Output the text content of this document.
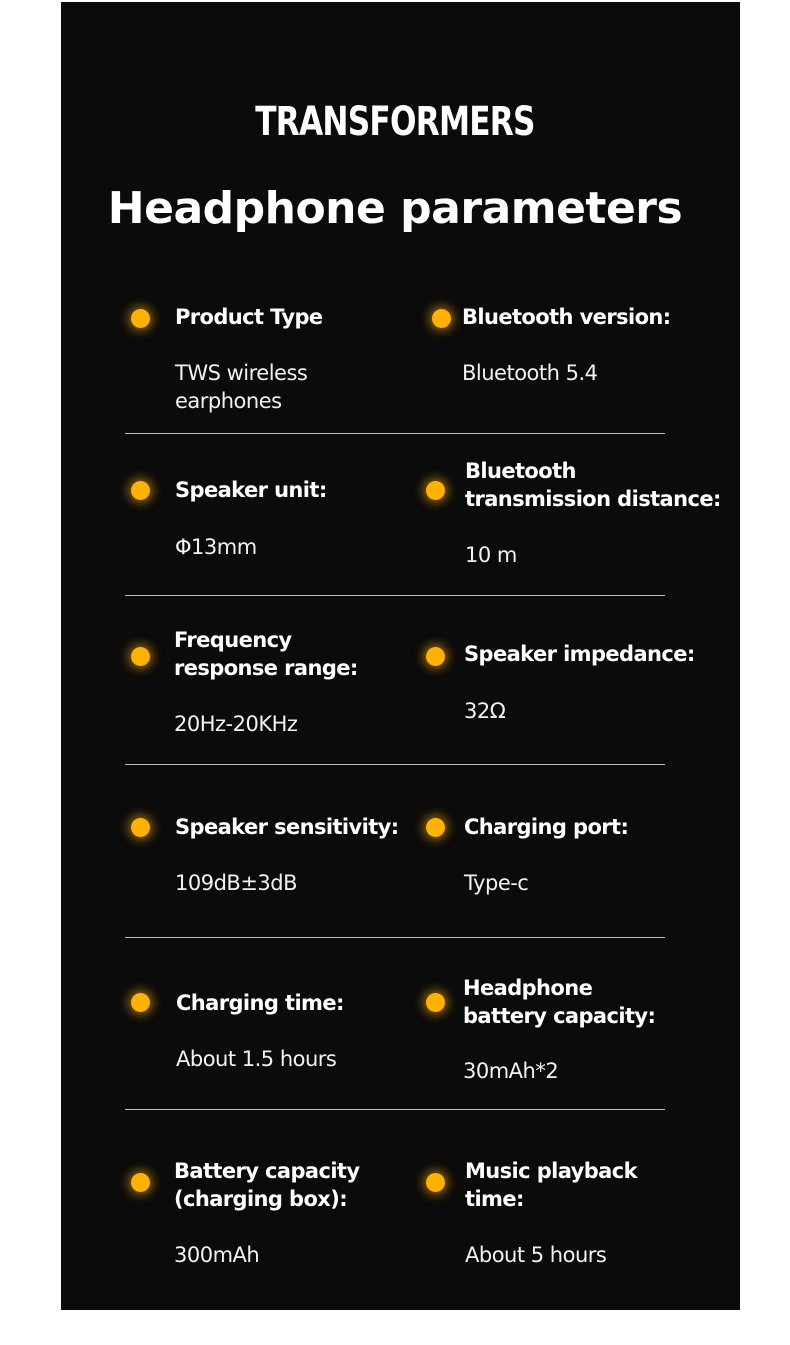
TRANSFORMERS
Headphone parameters
Product Type
TWS wireless
earphones
Bluetooth version:
Bluetooth 5.4
Speaker unit:
Φ13mm
Bluetooth
transmission distance:
10 m
Frequency
response range:
20Hz-20KHz
Speaker impedance:
32Ω
Speaker sensitivity:
109dB±3dB
Charging port:
Type-c
Charging time:
About 1.5 hours
Headphone
battery capacity:
30mAh*2
Battery capacity
(charging box):
300mAh
Music playback
time:
About 5 hours
